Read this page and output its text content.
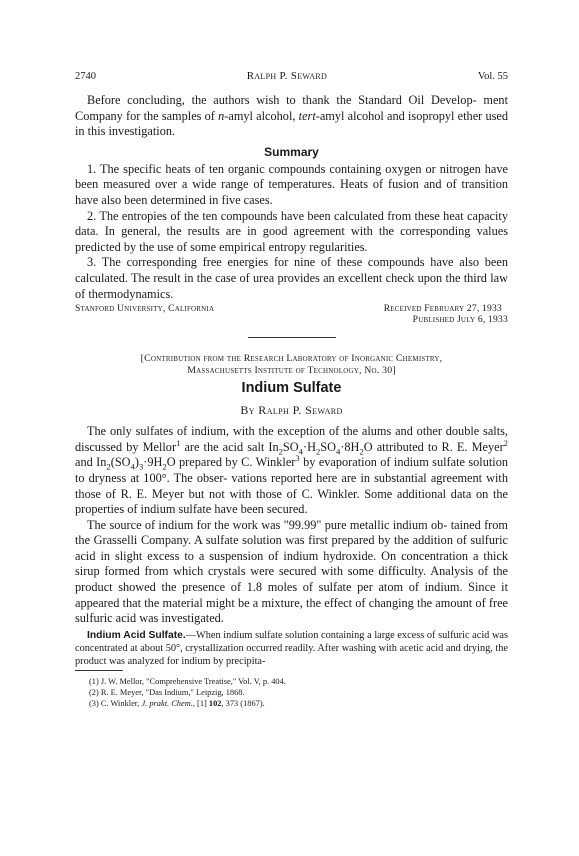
2740	Ralph P. Seward	Vol. 55

Before concluding, the authors wish to thank the Standard Oil Develop- ment Company for the samples of n-amyl alcohol, tert-amyl alcohol and isopropyl ether used in this investigation.

Summary

1. The specific heats of ten organic compounds containing oxygen or nitrogen have been measured over a wide range of temperatures. Heats of fusion and of transition have also been determined in five cases.

2. The entropies of the ten compounds have been calculated from these heat capacity data. In general, the results are in good agreement with the corresponding values predicted by the use of some empirical entropy regularities.

3. The corresponding free energies for nine of these compounds have also been calculated. The result in the case of urea provides an excellent check upon the third law of thermodynamics.

Stanford University, California	Received February 27, 1933
Published July 6, 1933
[Contribution from the Research Laboratory of Inorganic Chemistry,
Massachusetts Institute of Technology, No. 30]
Indium Sulfate
By Ralph P. Seward

The only sulfates of indium, with the exception of the alums and other double salts, discussed by Mellor$^1$ are the acid salt $In_2SO_4\cdot H_2SO_4\cdot 8H_2O$ attributed to R. E. Meyer$^2$ and $In_2(SO_4)_3\cdot 9H_2O$ prepared by C. Winkler$^3$ by evaporation of indium sulfate solution to dryness at 100°. The obser- vations reported here are in substantial agreement with those of R. E. Meyer but not with those of C. Winkler. Some additional data on the properties of indium sulfate have been secured.

The source of indium for the work was "99.99" pure metallic indium ob- tained from the Grasselli Company. A sulfate solution was first prepared by the addition of sulfuric acid in slight excess to a suspension of indium hydroxide. On concentration a thick sirup formed from which crystals were secured with some difficulty. Analysis of the product showed the presence of 1.8 moles of sulfate per atom of indium. Since it appeared that the material might be a mixture, the effect of changing the amount of free sulfuric acid was investigated.

Indium Acid Sulfate.—When indium sulfate solution containing a large excess of sulfuric acid was concentrated at about 50°, crystallization occurred readily. After washing with acetic acid and drying, the product was analyzed for indium by precipita-

(1) J. W. Mellor, "Comprehensive Treatise," Vol. V, p. 404.
(2) R. E. Meyer, "Das Indium," Leipzig, 1868.
(3) C. Winkler, J. prakt. Chem., [1] 102, 373 (1867).
